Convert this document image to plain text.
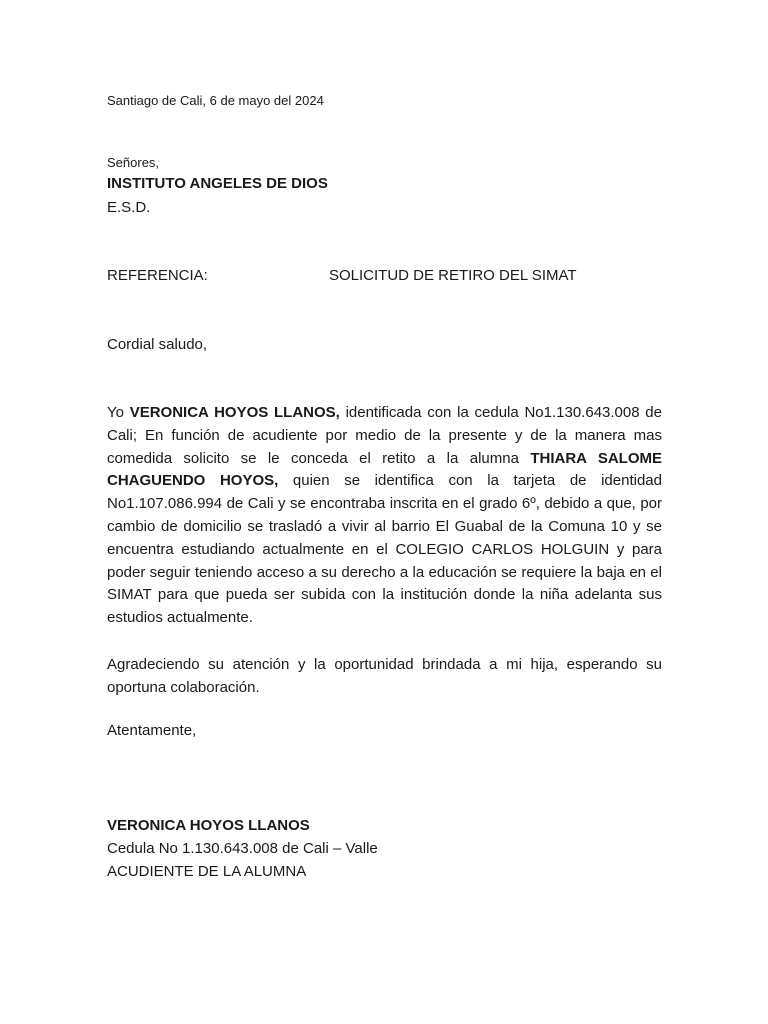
Santiago de Cali, 6 de mayo del 2024

Señores,

INSTITUTO ANGELES DE DIOS

E.S.D.

REFERENCIA:	SOLICITUD DE RETIRO DEL SIMAT

Cordial saludo,

Yo VERONICA HOYOS LLANOS, identificada con la cedula No1.130.643.008 de Cali; En función de acudiente por medio de la presente y de la manera mas comedida solicito se le conceda el retito a la alumna THIARA SALOME CHAGUENDO HOYOS, quien se identifica con la tarjeta de identidad No1.107.086.994 de Cali y se encontraba inscrita en el grado 6º, debido a que, por cambio de domicilio se trasladó a vivir al barrio El Guabal de la Comuna 10 y se encuentra estudiando actualmente en el COLEGIO CARLOS HOLGUIN y para poder seguir teniendo acceso a su derecho a la educación se requiere la baja en el SIMAT para que pueda ser subida con la institución donde la niña adelanta sus estudios actualmente.

Agradeciendo su atención y la oportunidad brindada a mi hija, esperando su oportuna colaboración.

Atentamente,

VERONICA HOYOS LLANOS
Cedula No 1.130.643.008 de Cali – Valle
ACUDIENTE DE LA ALUMNA
